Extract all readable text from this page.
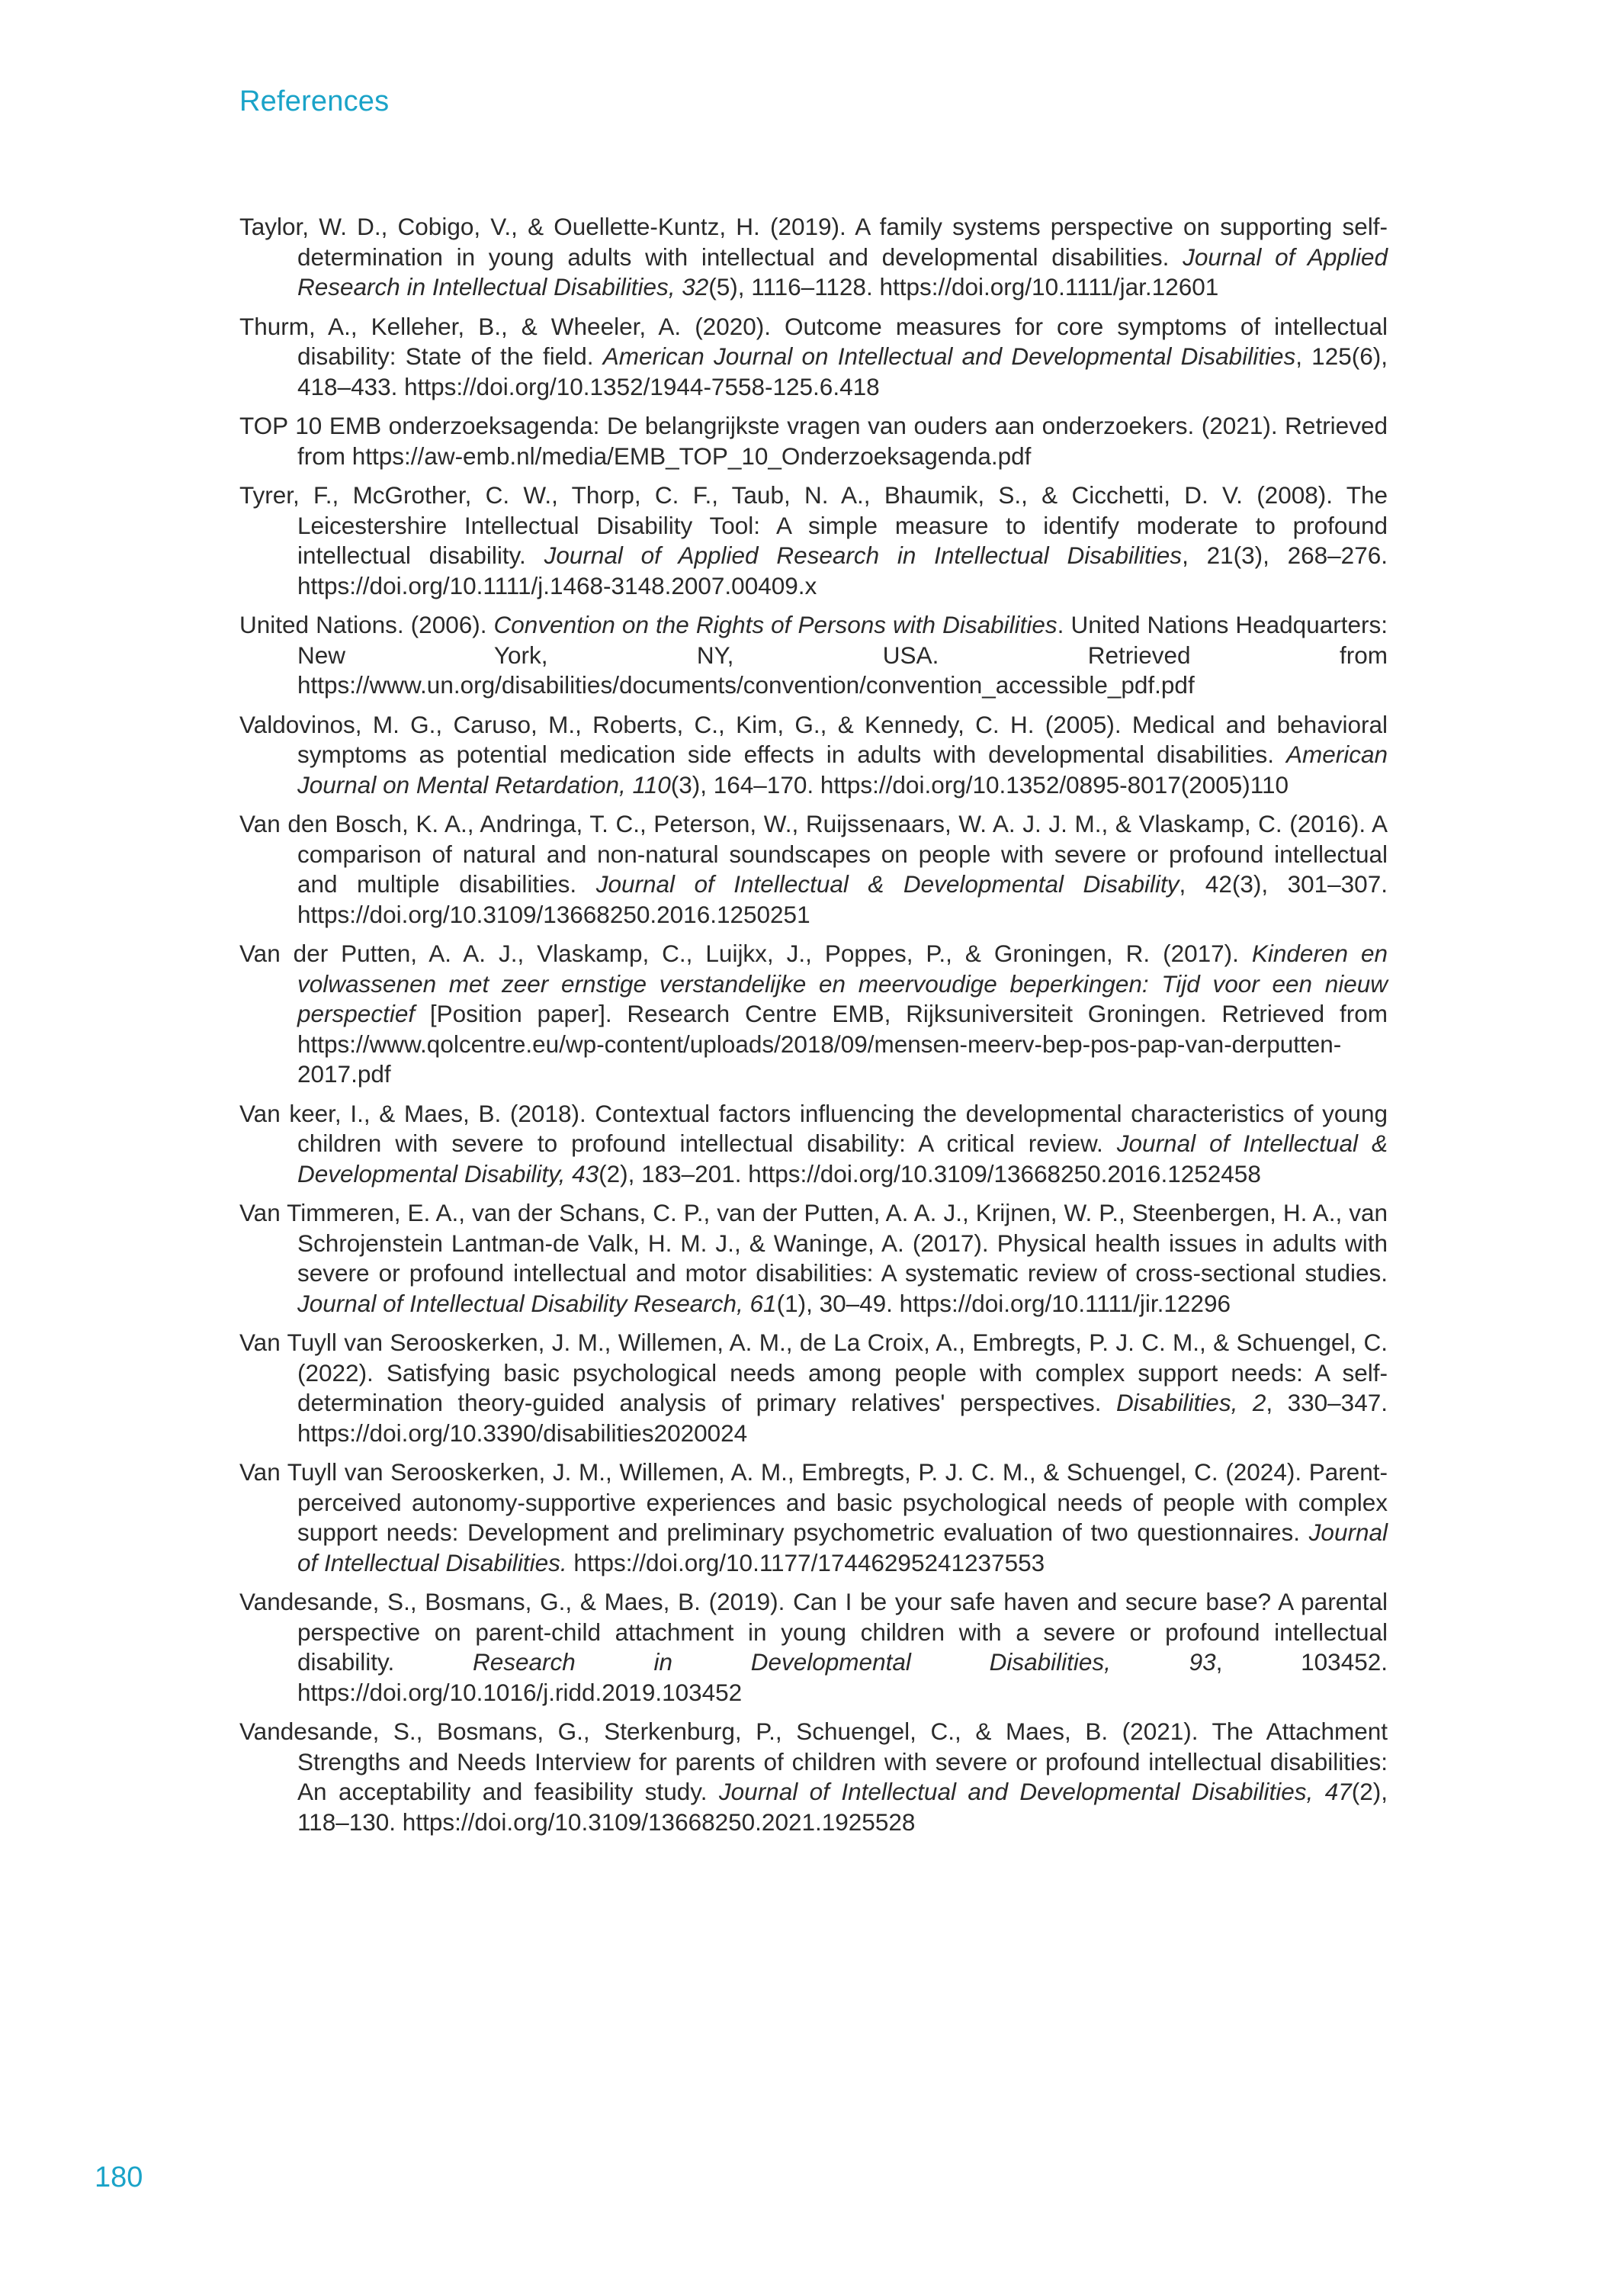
References

Taylor, W. D., Cobigo, V., & Ouellette-Kuntz, H. (2019). A family systems perspective on supporting self-determination in young adults with intellectual and developmental disabilities. Journal of Applied Research in Intellectual Disabilities, 32(5), 1116–1128. https://doi.org/10.1111/jar.12601

Thurm, A., Kelleher, B., & Wheeler, A. (2020). Outcome measures for core symptoms of intellectual disability: State of the field. American Journal on Intellectual and Developmental Disabilities, 125(6), 418–433. https://doi.org/10.1352/1944-7558-125.6.418

TOP 10 EMB onderzoeksagenda: De belangrijkste vragen van ouders aan onderzoekers. (2021). Retrieved from https://aw-emb.nl/media/EMB_TOP_10_Onderzoeksagenda.pdf

Tyrer, F., McGrother, C. W., Thorp, C. F., Taub, N. A., Bhaumik, S., & Cicchetti, D. V. (2008). The Leicestershire Intellectual Disability Tool: A simple measure to identify moderate to profound intellectual disability. Journal of Applied Research in Intellectual Disabilities, 21(3), 268–276. https://doi.org/10.1111/j.1468-3148.2007.00409.x

United Nations. (2006). Convention on the Rights of Persons with Disabilities. United Nations Headquarters: New York, NY, USA. Retrieved from https://www.un.org/disabilities/documents/convention/convention_accessible_pdf.pdf

Valdovinos, M. G., Caruso, M., Roberts, C., Kim, G., & Kennedy, C. H. (2005). Medical and behavioral symptoms as potential medication side effects in adults with developmental disabilities. American Journal on Mental Retardation, 110(3), 164–170. https://doi.org/10.1352/0895-8017(2005)110

Van den Bosch, K. A., Andringa, T. C., Peterson, W., Ruijssenaars, W. A. J. J. M., & Vlaskamp, C. (2016). A comparison of natural and non-natural soundscapes on people with severe or profound intellectual and multiple disabilities. Journal of Intellectual & Developmental Disability, 42(3), 301–307. https://doi.org/10.3109/13668250.2016.1250251

Van der Putten, A. A. J., Vlaskamp, C., Luijkx, J., Poppes, P., & Groningen, R. (2017). Kinderen en volwassenen met zeer ernstige verstandelijke en meervoudige beperkingen: Tijd voor een nieuw perspectief [Position paper]. Research Centre EMB, Rijksuniversiteit Groningen. Retrieved from https://www.qolcentre.eu/wp-content/uploads/2018/09/mensen-meerv-bep-pos-pap-van-derputten-2017.pdf

Van keer, I., & Maes, B. (2018). Contextual factors influencing the developmental characteristics of young children with severe to profound intellectual disability: A critical review. Journal of Intellectual & Developmental Disability, 43(2), 183–201. https://doi.org/10.3109/13668250.2016.1252458

Van Timmeren, E. A., van der Schans, C. P., van der Putten, A. A. J., Krijnen, W. P., Steenbergen, H. A., van Schrojenstein Lantman-de Valk, H. M. J., & Waninge, A. (2017). Physical health issues in adults with severe or profound intellectual and motor disabilities: A systematic review of cross-sectional studies. Journal of Intellectual Disability Research, 61(1), 30–49. https://doi.org/10.1111/jir.12296

Van Tuyll van Serooskerken, J. M., Willemen, A. M., de La Croix, A., Embregts, P. J. C. M., & Schuengel, C. (2022). Satisfying basic psychological needs among people with complex support needs: A self-determination theory-guided analysis of primary relatives' perspectives. Disabilities, 2, 330–347. https://doi.org/10.3390/disabilities2020024

Van Tuyll van Serooskerken, J. M., Willemen, A. M., Embregts, P. J. C. M., & Schuengel, C. (2024). Parent-perceived autonomy-supportive experiences and basic psychological needs of people with complex support needs: Development and preliminary psychometric evaluation of two questionnaires. Journal of Intellectual Disabilities. https://doi.org/10.1177/17446295241237553

Vandesande, S., Bosmans, G., & Maes, B. (2019). Can I be your safe haven and secure base? A parental perspective on parent-child attachment in young children with a severe or profound intellectual disability. Research in Developmental Disabilities, 93, 103452. https://doi.org/10.1016/j.ridd.2019.103452

Vandesande, S., Bosmans, G., Sterkenburg, P., Schuengel, C., & Maes, B. (2021). The Attachment Strengths and Needs Interview for parents of children with severe or profound intellectual disabilities: An acceptability and feasibility study. Journal of Intellectual and Developmental Disabilities, 47(2), 118–130. https://doi.org/10.3109/13668250.2021.1925528

180
